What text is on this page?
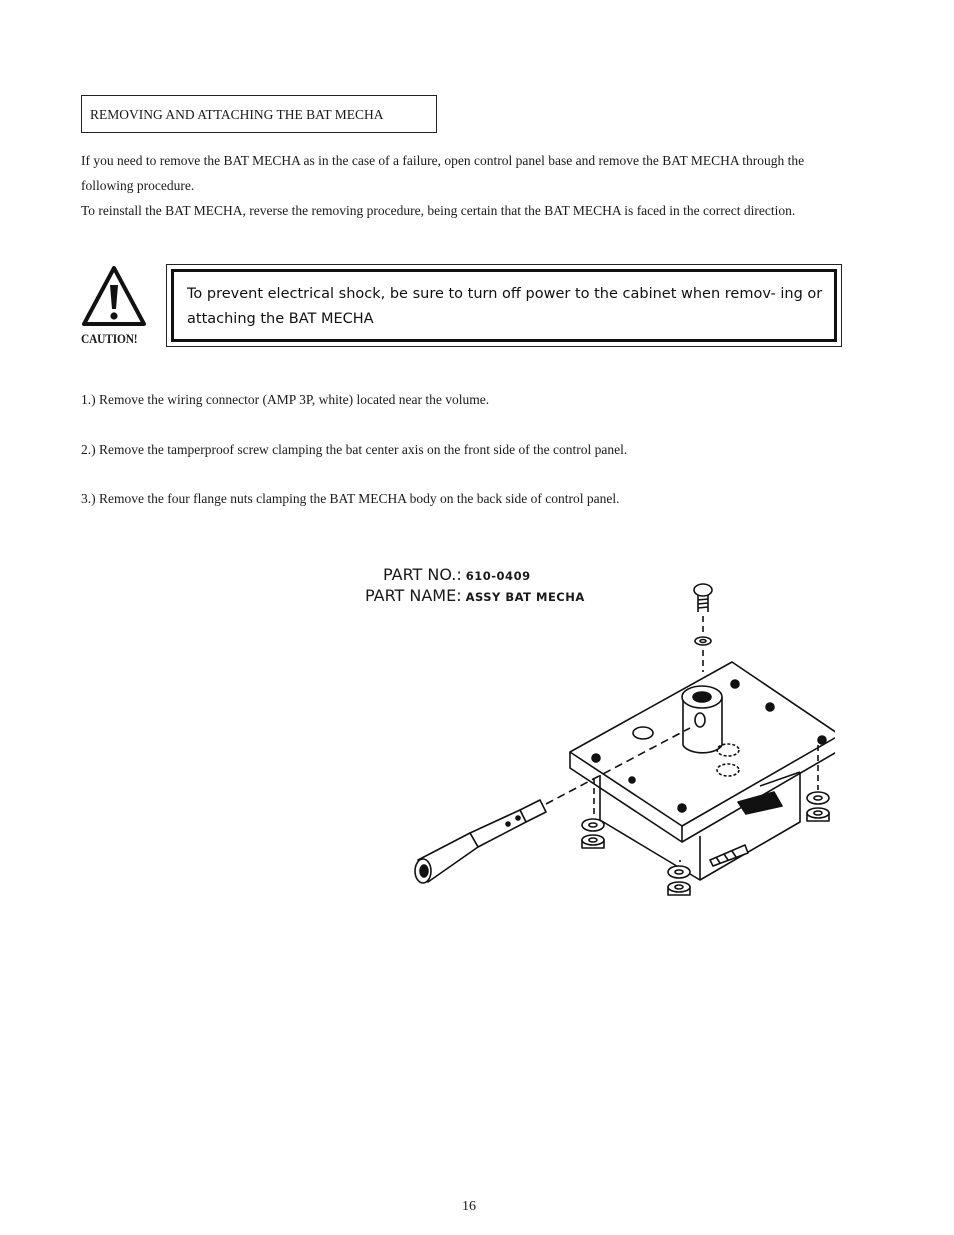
REMOVING AND ATTACHING THE BAT MECHA

If you need to remove the BAT MECHA as in the case of a failure, open control panel base and remove the BAT MECHA through the following procedure.

To reinstall the BAT MECHA, reverse the removing procedure, being certain that the BAT MECHA is faced in the correct direction.

CAUTION!
To prevent electrical shock, be sure to turn off power to the cabinet when remov- ing or attaching the BAT MECHA
1.) Remove the wiring connector (AMP 3P, white) located near the volume.
2.) Remove the tamperproof screw clamping the bat center axis on the front side of the control panel.
3.) Remove the four flange nuts clamping the BAT MECHA body on the back side of control panel.
PART NO.: 610-0409
PART NAME: ASSY BAT MECHA
16
